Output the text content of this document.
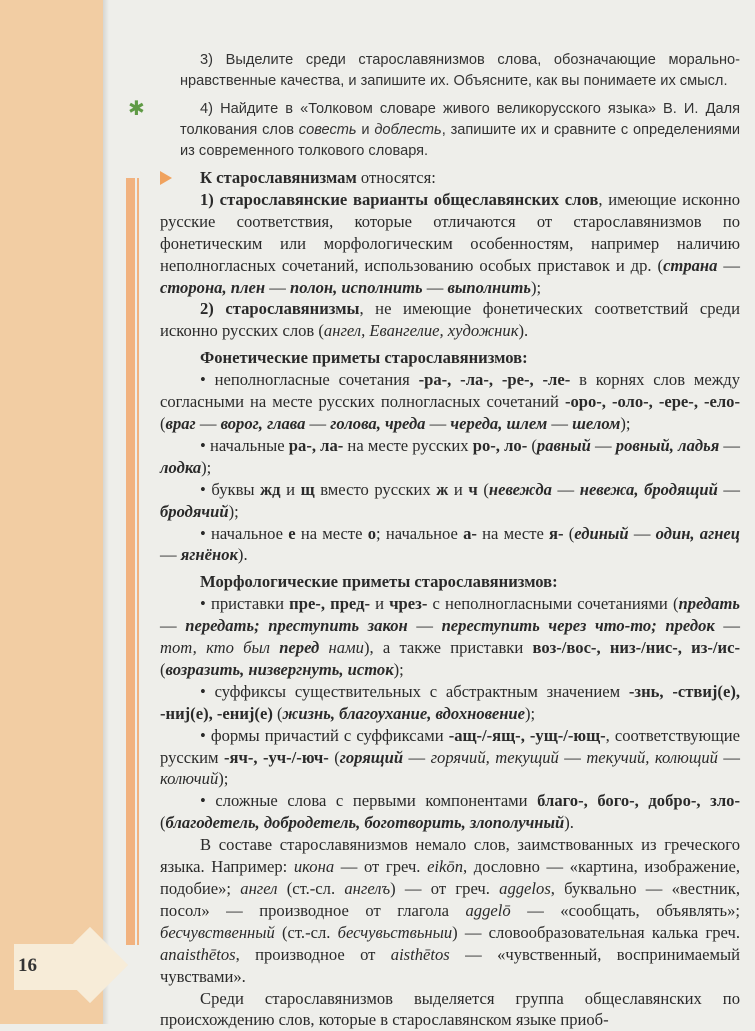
16
✱
3) Выделите среди старославянизмов слова, обозначающие морально-нравственные качества, и запишите их. Объясните, как вы понимаете их смысл.
4) Найдите в «Толковом словаре живого великорусского языка» В. И. Даля толкования слов совесть и доблесть, запишите их и сравните с определениями из современного толкового словаря.

К старославянизмам относятся:

1) старославянские варианты общеславянских слов, имеющие исконно русские соответствия, которые отличаются от старославянизмов по фонетическим или морфологическим особенностям, например наличию неполногласных сочетаний, использованию особых приставок и др. (страна — сторона, плен — полон, исполнить — выполнить);

2) старославянизмы, не имеющие фонетических соответствий среди исконно русских слов (ангел, Евангелие, художник).

Фонетические приметы старославянизмов:

• неполногласные сочетания -ра-, -ла-, -ре-, -ле- в корнях слов между согласными на месте русских полногласных сочетаний -оро-, -оло-, -ере-, -ело- (враг — ворог, глава — голова, чреда — череда, шлем — шелом);

• начальные ра-, ла- на месте русских ро-, ло- (равный — ровный, ладья — лодка);

• буквы жд и щ вместо русских ж и ч (невежда — невежа, бродящий — бродячий);

• начальное е на месте о; начальное а- на месте я- (единый — один, агнец — ягнёнок).

Морфологические приметы старославянизмов:

• приставки пре-, пред- и чрез- с неполногласными сочетаниями (предать — передать; преступить закон — переступить через что-то; предок — тот, кто был перед нами), а также приставки воз-/вос-, низ-/нис-, из-/ис- (возразить, низвергнуть, исток);

• суффиксы существительных с абстрактным значением -знь, -ствиј(е), -ниј(е), -ениј(е) (жизнь, благоухание, вдохновение);

• формы причастий с суффиксами -ащ-/-ящ-, -ущ-/-ющ-, соответствующие русским -яч-, -уч-/-юч- (горящий — горячий, текущий — текучий, колющий — колючий);

• сложные слова с первыми компонентами благо-, бого-, добро-, зло- (благодетель, добродетель, боготворить, злополучный).

В составе старославянизмов немало слов, заимствованных из греческого языка. Например: икона — от греч. eikōn, дословно — «картина, изображение, подобие»; ангел (ст.-сл. ангелъ) — от греч. aggelos, буквально — «вестник, посол» — производное от глагола aggelō — «сообщать, объявлять»; бесчувственный (ст.-сл. бесчувьствьныи) — словообразовательная калька греч. anaisthētos, производное от aisthētos — «чувственный, воспринимаемый чувствами».

Среди старославянизмов выделяется группа общеславянских по происхождению слов, которые в старославянском языке приоб-
